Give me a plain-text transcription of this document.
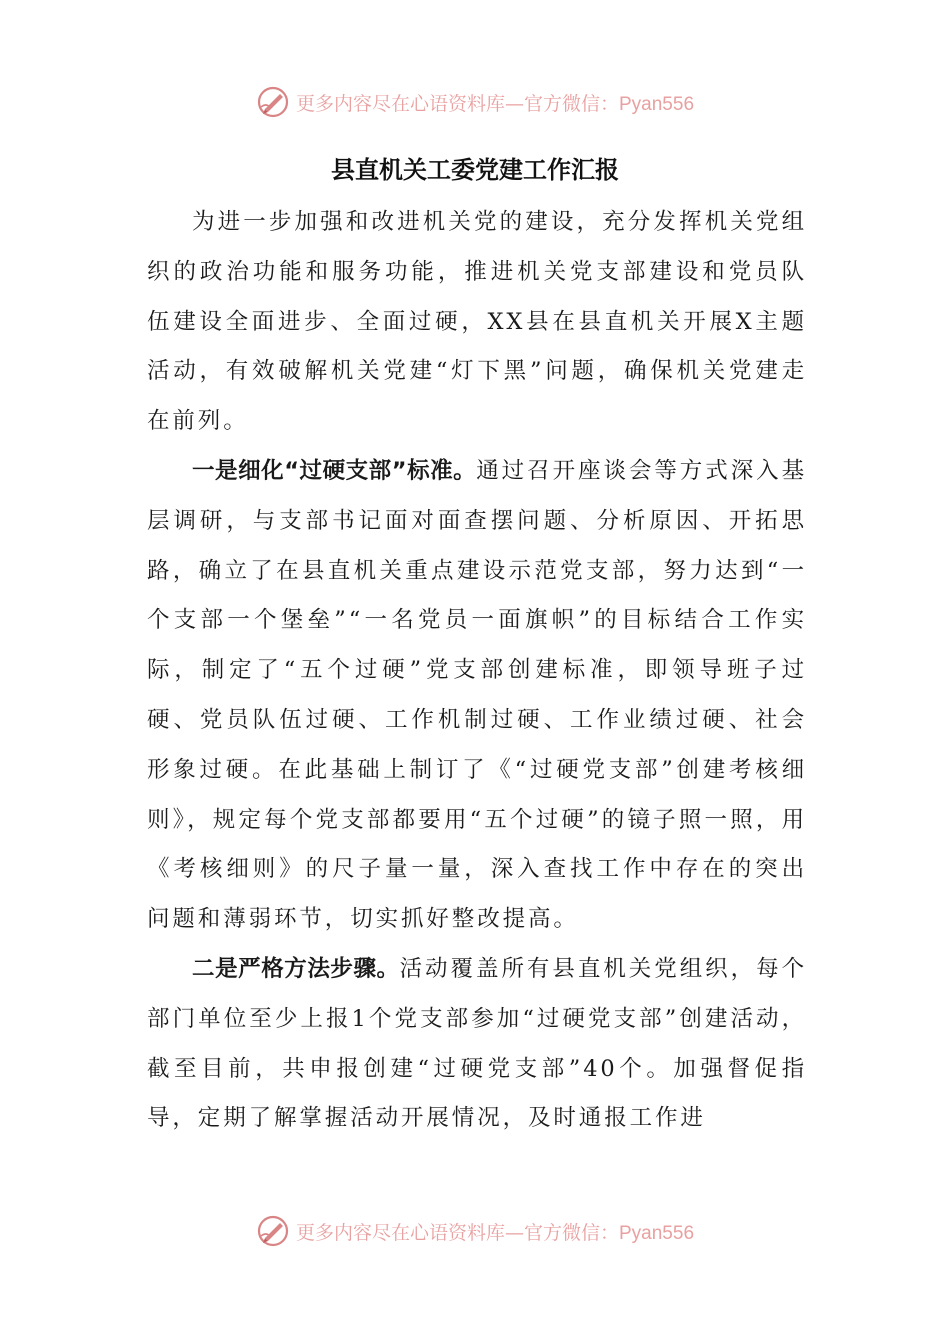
更多内容尽在心语资料库—官方微信：Pyan556
县直机关工委党建工作汇报

为进一步加强和改进机关党的建设，充分发挥机关党组织的政治功能和服务功能，推进机关党支部建设和党员队伍建设全面进步、全面过硬，XX县在县直机关开展X主题活动，有效破解机关党建“灯下黑”问题，确保机关党建走在前列。

一是细化“过硬支部”标准。通过召开座谈会等方式深入基层调研，与支部书记面对面查摆问题、分析原因、开拓思路，确立了在县直机关重点建设示范党支部，努力达到“一个支部一个堡垒”“一名党员一面旗帜”的目标结合工作实际，制定了“五个过硬”党支部创建标准，即领导班子过硬、党员队伍过硬、工作机制过硬、工作业绩过硬、社会形象过硬。在此基础上制订了《“过硬党支部”创建考核细则》，规定每个党支部都要用“五个过硬”的镜子照一照，用《考核细则》的尺子量一量，深入查找工作中存在的突出问题和薄弱环节，切实抓好整改提高。

二是严格方法步骤。活动覆盖所有县直机关党组织，每个部门单位至少上报1个党支部参加“过硬党支部”创建活动，截至目前，共申报创建“过硬党支部”40个。加强督促指导，定期了解掌握活动开展情况，及时通报工作进

更多内容尽在心语资料库—官方微信：Pyan556
